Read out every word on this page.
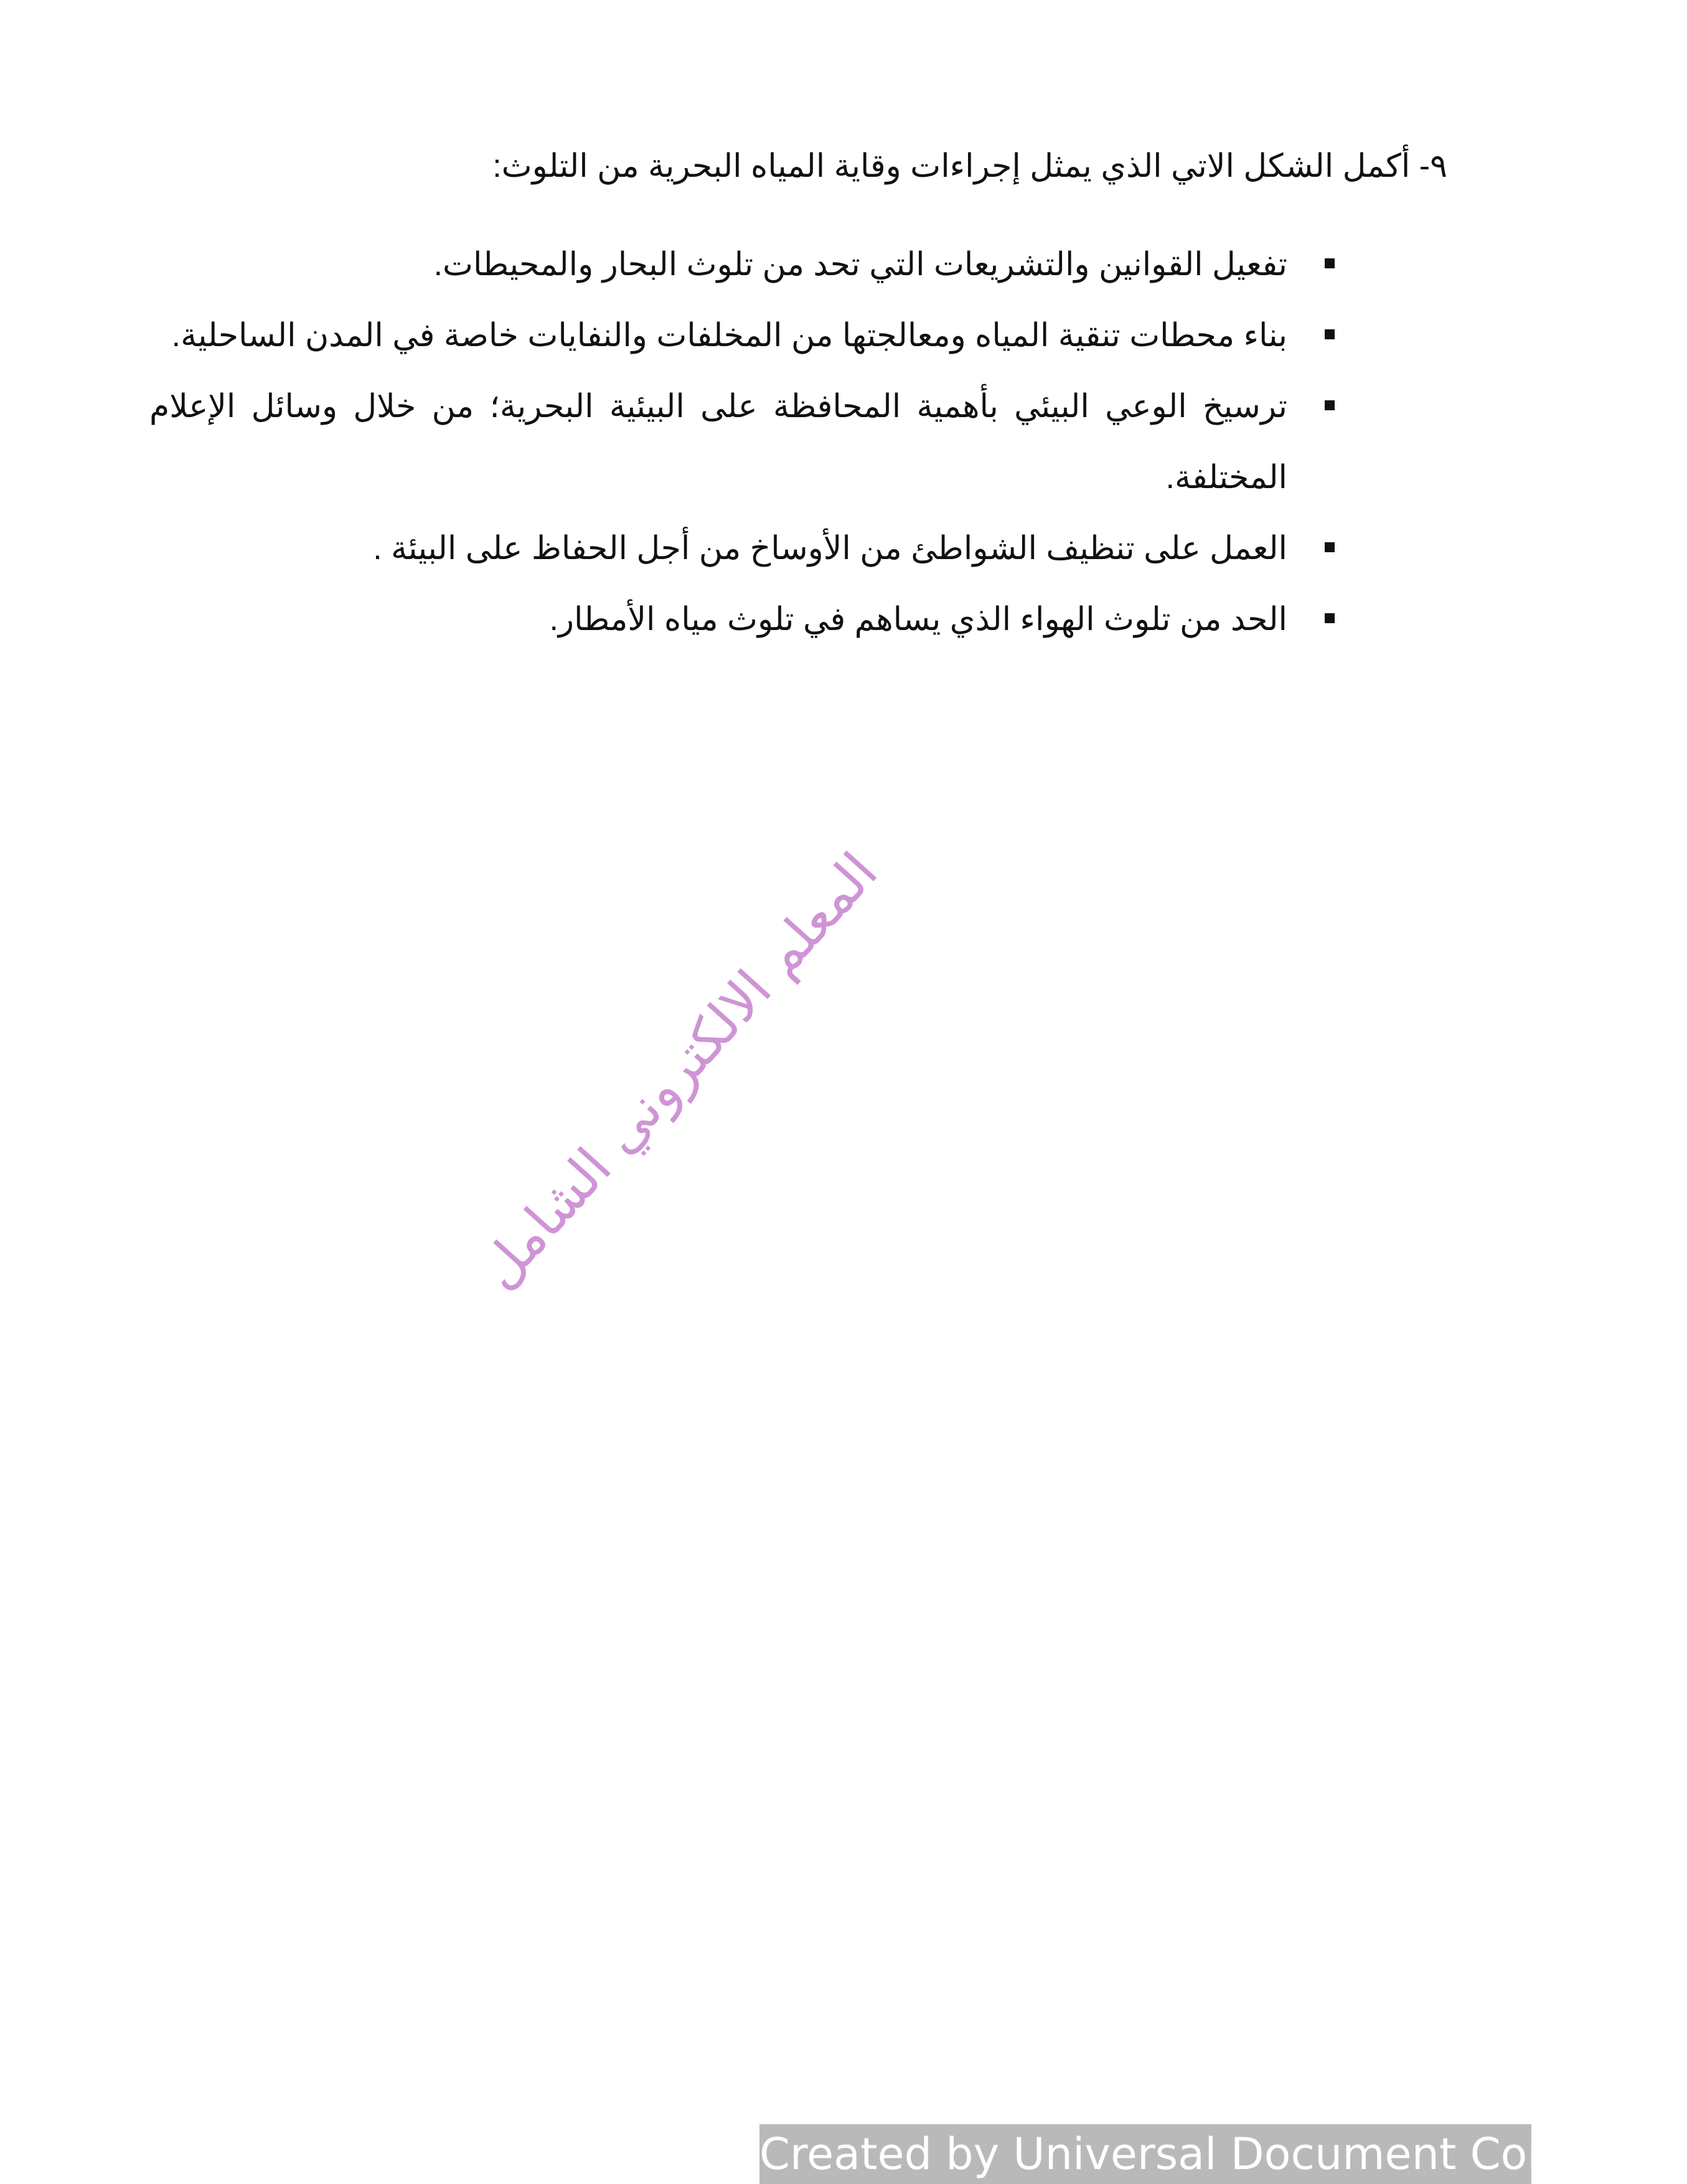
٩- أكمل الشكل الاتي الذي يمثل إجراءات وقاية المياه البحرية من التلوث:
تفعيل القوانين والتشريعات التي تحد من تلوث البحار والمحيطات.
بناء محطات تنقية المياه ومعالجتها من المخلفات والنفايات خاصة في المدن الساحلية.
ترسيخ الوعي البيئي بأهمية المحافظة على البيئية البحرية؛ من خلال وسائل الإعلام المختلفة.
العمل على تنظيف الشواطئ من الأوساخ من أجل الحفاظ على البيئة .
الحد من تلوث الهواء الذي يساهم في تلوث مياه الأمطار.
المعلم الالكتروني الشامل
Created by Universal Document Converter
